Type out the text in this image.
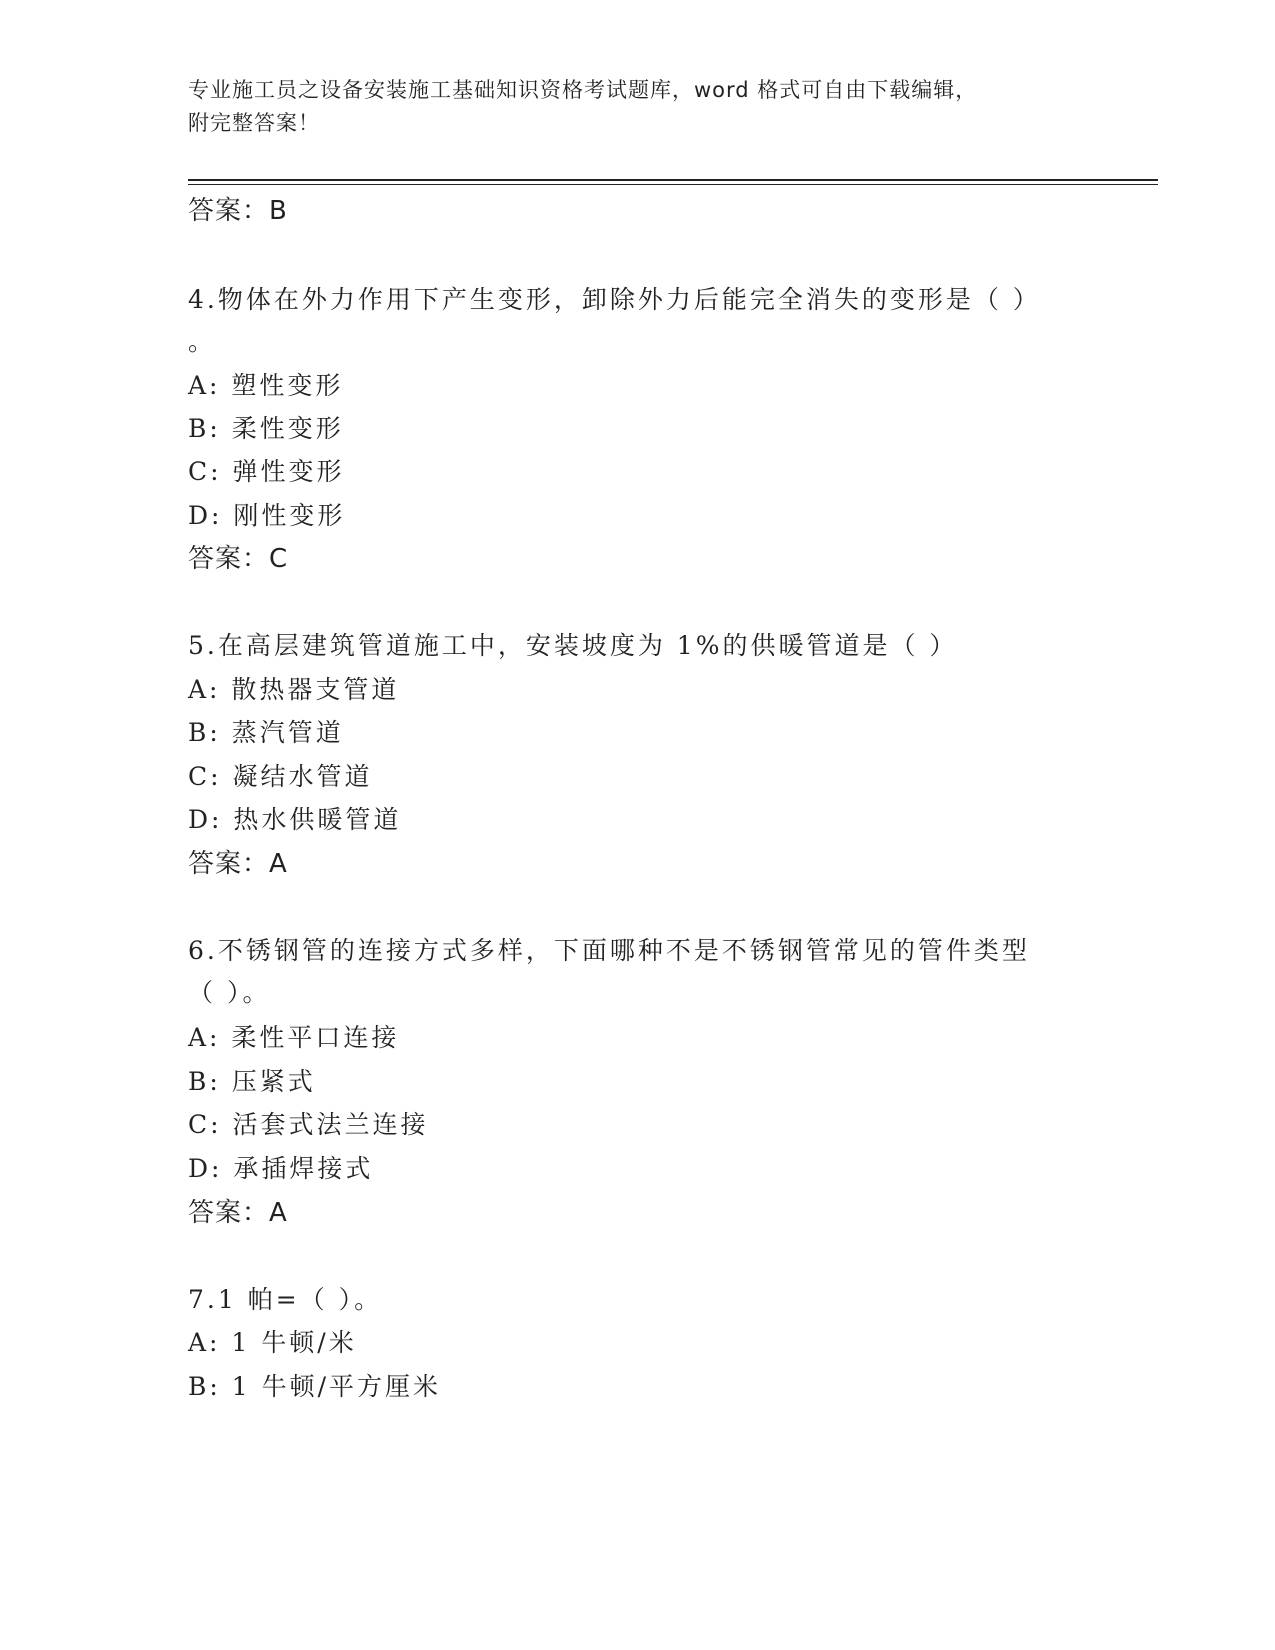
专业施工员之设备安装施工基础知识资格考试题库，word 格式可自由下载编辑，
附完整答案！
答案：B
4.物体在外力作用下产生变形，卸除外力后能完全消失的变形是（ ）
。
A: 塑性变形
B: 柔性变形
C: 弹性变形
D: 刚性变形
答案：C
5.在高层建筑管道施工中，安装坡度为 1%的供暖管道是（ ）
A: 散热器支管道
B: 蒸汽管道
C: 凝结水管道
D: 热水供暖管道
答案：A
6.不锈钢管的连接方式多样，下面哪种不是不锈钢管常见的管件类型
（ ）。
A: 柔性平口连接
B: 压紧式
C: 活套式法兰连接
D: 承插焊接式
答案：A
7.1 帕=（ ）。
A: 1 牛顿/米
B: 1 牛顿/平方厘米
